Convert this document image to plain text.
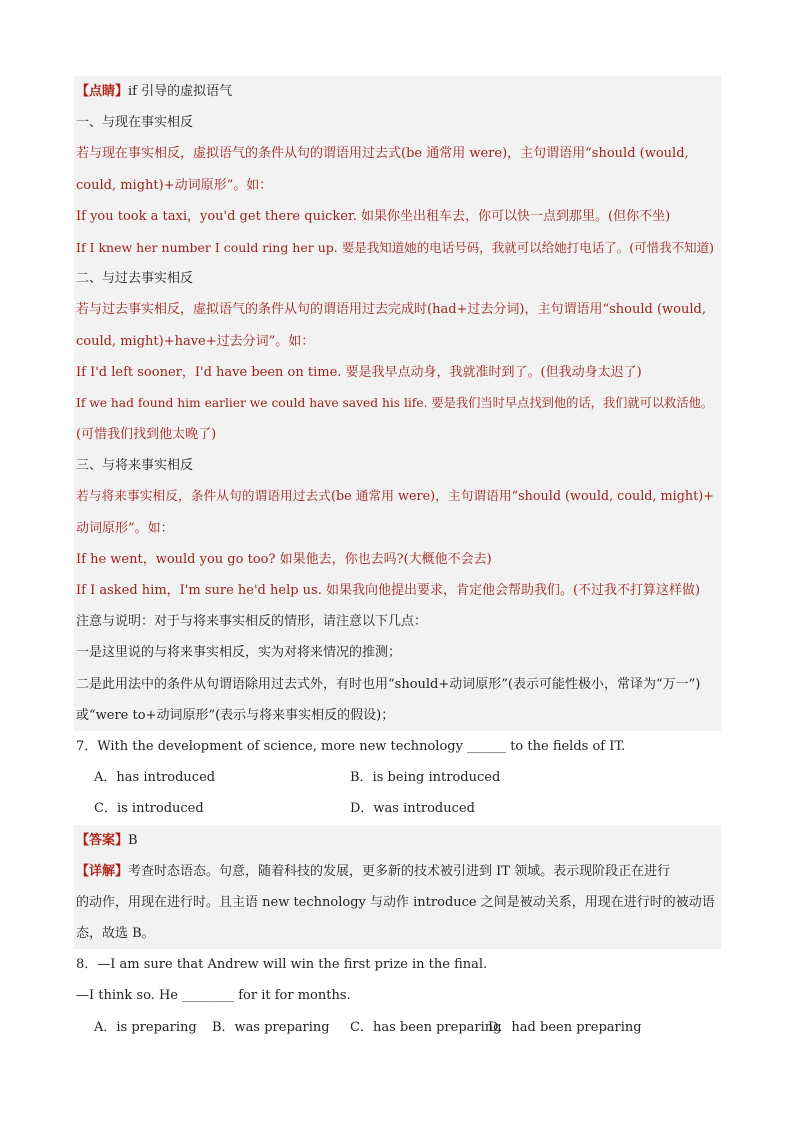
【点睛】if 引导的虚拟语气
一、与现在事实相反
若与现在事实相反，虚拟语气的条件从句的谓语用过去式(be 通常用 were)，主句谓语用“should (would,
could, might)+动词原形”。如：
If you took a taxi，you'd get there quicker. 如果你坐出租车去，你可以快一点到那里。(但你不坐)
If I knew her number I could ring her up. 要是我知道她的电话号码，我就可以给她打电话了。(可惜我不知道)
二、与过去事实相反
若与过去事实相反，虚拟语气的条件从句的谓语用过去完成时(had+过去分词)，主句谓语用“should (would,
could, might)+have+过去分词”。如：
If I'd left sooner，I'd have been on time. 要是我早点动身，我就准时到了。(但我动身太迟了)
If we had found him earlier we could have saved his life. 要是我们当时早点找到他的话，我们就可以救活他。
(可惜我们找到他太晚了)
三、与将来事实相反
若与将来事实相反，条件从句的谓语用过去式(be 通常用 were)，主句谓语用“should (would, could, might)+
动词原形”。如：
If he went，would you go too? 如果他去，你也去吗?(大概他不会去)
If I asked him，I'm sure he'd help us. 如果我向他提出要求，肯定他会帮助我们。(不过我不打算这样做)
注意与说明：对于与将来事实相反的情形，请注意以下几点：
一是这里说的与将来事实相反，实为对将来情况的推测；
二是此用法中的条件从句谓语除用过去式外，有时也用“should+动词原形”(表示可能性极小，常译为“万一”)
或“were to+动词原形”(表示与将来事实相反的假设)；
7．With the development of science, more new technology ______ to the fields of IT.
A．has introduced	B．is being introduced
C．is introduced	D．was introduced
【答案】B
【详解】考查时态语态。句意，随着科技的发展，更多新的技术被引进到 IT 领域。表示现阶段正在进行
的动作，用现在进行时。且主语 new technology 与动作 introduce 之间是被动关系，用现在进行时的被动语
态，故选 B。
8．—I am sure that Andrew will win the first prize in the final.
—I think so. He ________ for it for months.
A．is preparing B．was preparing C．has been preparing
D．had been preparing
